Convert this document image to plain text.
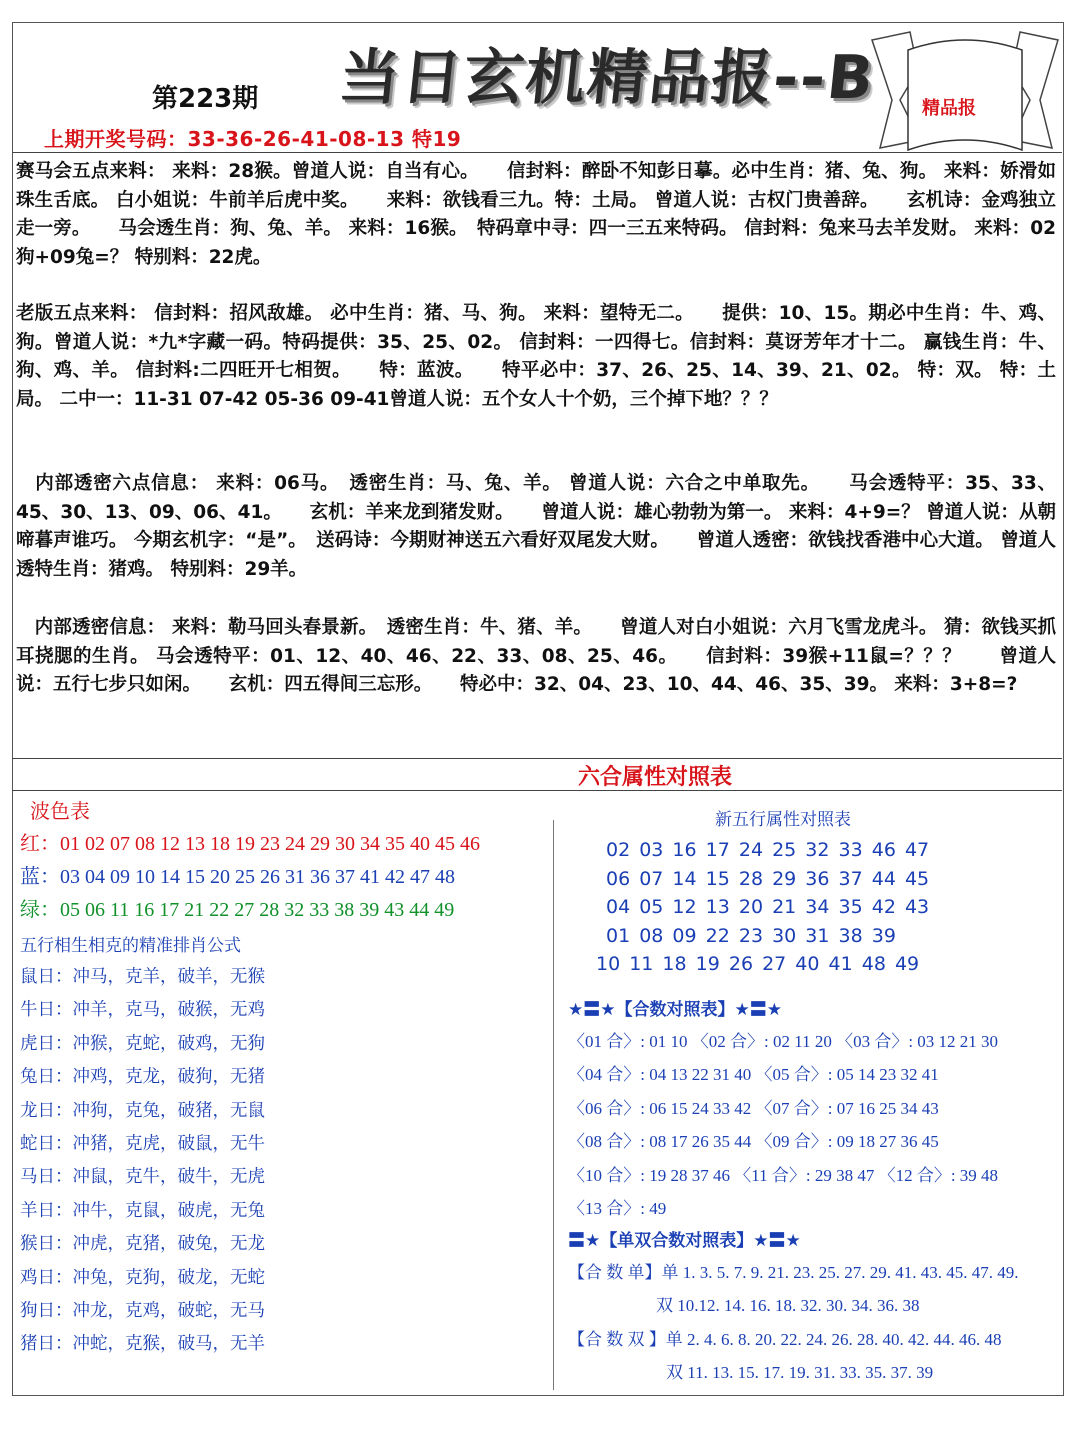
第223期
上期开奖号码：33-36-26-41-08-13 特19
当日玄机精品报--B 精品报
赛马会五点来料： 来料：28猴。曾道人说：自当有心。　　信封料：醉卧不知彭日摹。必中生肖：猪、兔、狗。 来料：娇滑如珠生舌底。 白小姐说：牛前羊后虎中奖。　　来料：欲钱看三九。特：土局。 曾道人说：古权门贵善辞。　　玄机诗：金鸡独立走一旁。　　马会透生肖：狗、兔、羊。 来料：16猴。　特码章中寻：四一三五来特码。 信封料：兔来马去羊发财。 来料：02狗+09兔=？ 特别料：22虎。
老版五点来料： 信封料：招风敌雄。 必中生肖：猪、马、狗。 来料：望特无二。　　提供：10、15。期必中生肖：牛、鸡、狗。曾道人说：*九*字藏一码。特码提供：35、25、02。 信封料：一四得七。信封料：莫讶芳年才十二。 赢钱生肖：牛、狗、鸡、羊。 信封料:二四旺开七相贺。　　特：蓝波。　　特平必中：37、26、25、14、39、21、02。 特：双。 特：土局。 二中一：11-31 07-42 05-36 09-41曾道人说：五个女人十个奶，三个掉下地？？？
　内部透密六点信息： 来料：06马。　透密生肖：马、兔、羊。 曾道人说：六合之中单取先。　　马会透特平：35、33、45、30、13、09、06、41。　　玄机：羊来龙到猪发财。　　曾道人说：雄心勃勃为第一。 来料：4+9=？ 曾道人说：从朝啼暮声谁巧。 今期玄机字：“是”。　送码诗：今期财神送五六看好双尾发大财。　　曾道人透密：欲钱找香港中心大道。 曾道人透特生肖：猪鸡。 特别料：29羊。
　内部透密信息： 来料：勒马回头春景新。　透密生肖：牛、猪、羊。　　曾道人对白小姐说：六月飞雪龙虎斗。 猜：欲钱买抓耳挠腮的生肖。 马会透特平：01、12、40、46、22、33、08、25、46。　　信封料：39猴+11鼠=？？？　　曾道人说：五行七步只如闲。　　玄机：四五得间三忘形。　　特必中：32、04、23、10、44、46、35、39。 来料：3+8=?
六合属性对照表
波色表
红：01 02 07 08 12 13 18 19 23 24 29 30 34 35 40 45 46
蓝：03 04 09 10 14 15 20 25 26 31 36 37 41 42 47 48
绿：05 06 11 16 17 21 22 27 28 32 33 38 39 43 44 49
五行相生相克的精准排肖公式
鼠日：冲马，克羊，破羊，无猴
牛日：冲羊，克马，破猴，无鸡
虎日：冲猴，克蛇，破鸡，无狗
兔日：冲鸡，克龙，破狗，无猪
龙日：冲狗，克兔，破猪，无鼠
蛇日：冲猪，克虎，破鼠，无牛
马日：冲鼠，克牛，破牛，无虎
羊日：冲牛，克鼠，破虎，无兔
猴日：冲虎，克猪，破兔，无龙
鸡日：冲兔，克狗，破龙，无蛇
狗日：冲龙，克鸡，破蛇，无马
猪日：冲蛇，克猴，破马，无羊
新五行属性对照表
02 03 16 17 24 25 32 33 46 47
06 07 14 15 28 29 36 37 44 45
04 05 12 13 20 21 34 35 42 43
01 08 09 22 23 30 31 38 39
10 11 18 19 26 27 40 41 48 49
★〓★【合数对照表】★〓★
〈01 合〉: 01 10 〈02 合〉: 02 11 20 〈03 合〉: 03 12 21 30
〈04 合〉: 04 13 22 31 40 〈05 合〉: 05 14 23 32 41
〈06 合〉: 06 15 24 33 42 〈07 合〉: 07 16 25 34 43
〈08 合〉: 08 17 26 35 44 〈09 合〉: 09 18 27 36 45
〈10 合〉: 19 28 37 46 〈11 合〉: 29 38 47 〈12 合〉: 39 48
〈13 合〉: 49
〓★【单双合数对照表】★〓★
【合 数 单】单 1. 3. 5. 7. 9. 21. 23. 25. 27. 29. 41. 43. 45. 47. 49.
双 10.12. 14. 16. 18. 32. 30. 34. 36. 38
【合 数 双 】单 2. 4. 6. 8. 20. 22. 24. 26. 28. 40. 42. 44. 46. 48
双 11. 13. 15. 17. 19. 31. 33. 35. 37. 39
